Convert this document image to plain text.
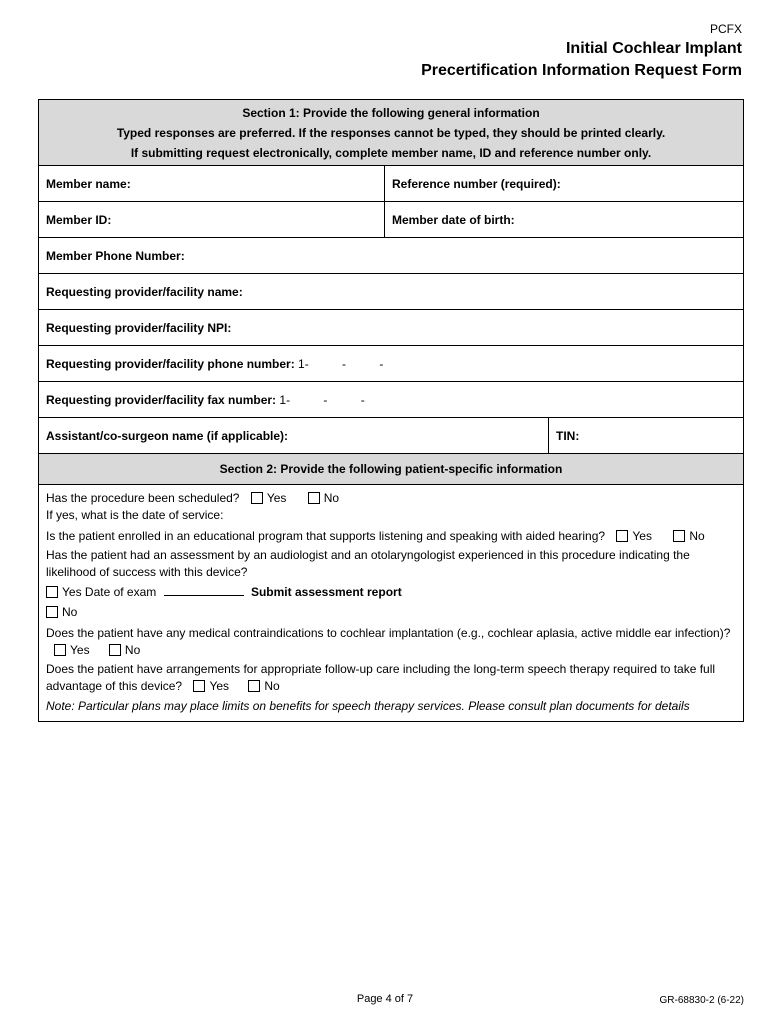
PCFX
Initial Cochlear Implant
Precertification Information Request Form
Section 1: Provide the following general information
Typed responses are preferred. If the responses cannot be typed, they should be printed clearly.
If submitting request electronically, complete member name, ID and reference number only.
Member name:	Reference number (required):
Member ID:	Member date of birth:
Member Phone Number:
Requesting provider/facility name:
Requesting provider/facility NPI:
Requesting provider/facility phone number:
1-          -          -
Requesting provider/facility fax number:
1-          -          -
Assistant/co-surgeon name (if applicable):	TIN:
Section 2: Provide the following patient-specific information

Has the procedure been scheduled? Yes	No

If yes, what is the date of service:

Is the patient enrolled in an educational program that supports listening and speaking with aided hearing? Yes	No

Has the patient had an assessment by an audiologist and an otolaryngologist experienced in this procedure indicating the likelihood of success with this device?

Yes Date of exam	Submit assessment report

No

Does the patient have any medical contraindications to cochlear implantation (e.g., cochlear aplasia, active middle ear infection)? Yes	No

Does the patient have arrangements for appropriate follow-up care including the long-term speech therapy required to take full advantage of this device? Yes	No

Note: Particular plans may place limits on benefits for speech therapy services. Please consult plan documents for details

Page 4 of 7	GR-68830-2 (6-22)
